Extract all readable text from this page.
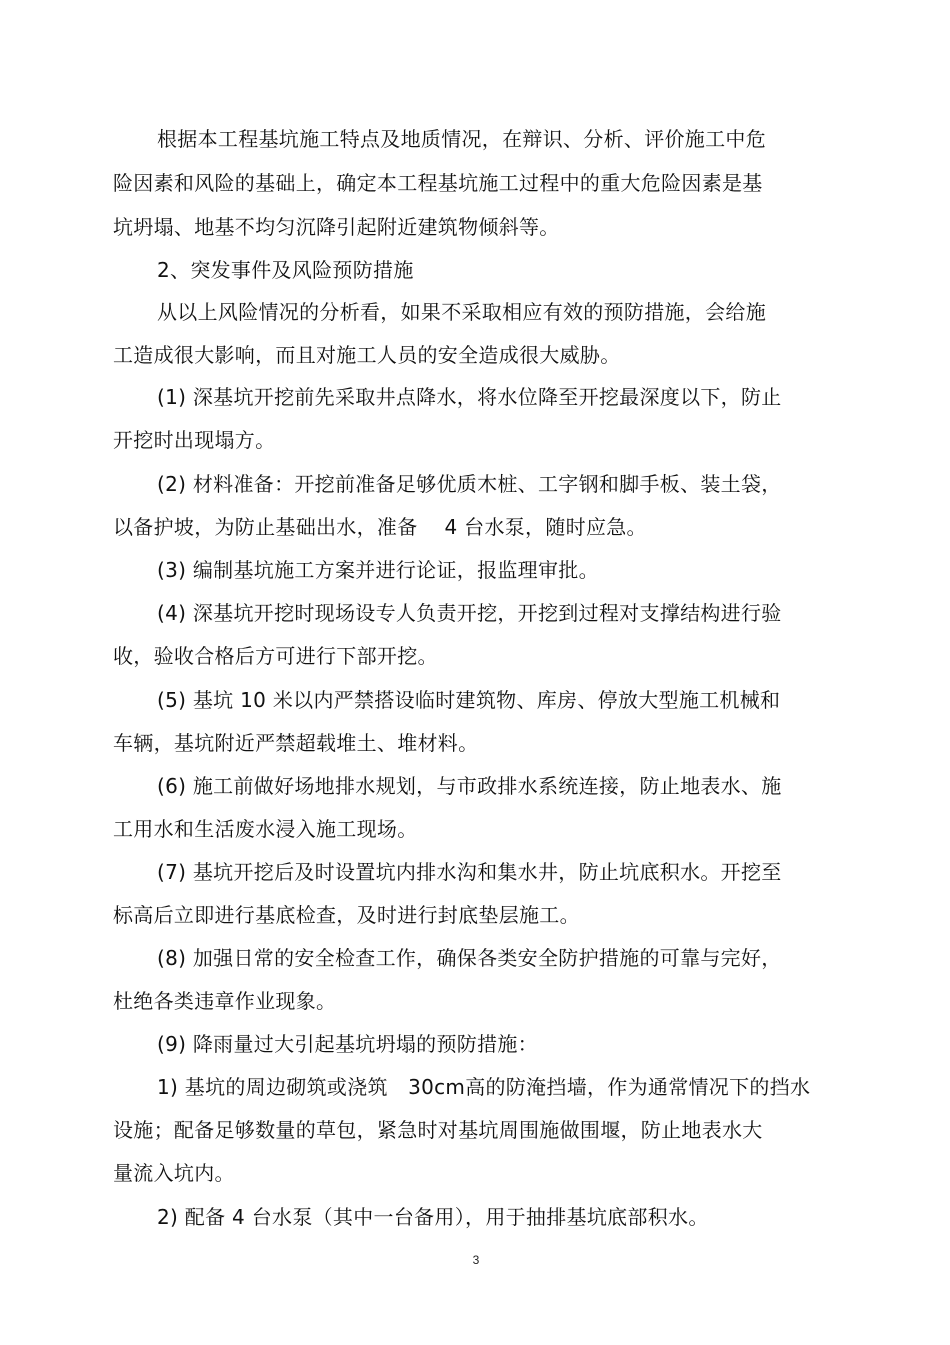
根据本工程基坑施工特点及地质情况，在辩识、分析、评价施工中危

险因素和风险的基础上，确定本工程基坑施工过程中的重大危险因素是基

坑坍塌、地基不均匀沉降引起附近建筑物倾斜等。

2、突发事件及风险预防措施

从以上风险情况的分析看，如果不采取相应有效的预防措施，会给施

工造成很大影响，而且对施工人员的安全造成很大威胁。

(1) 深基坑开挖前先采取井点降水，将水位降至开挖最深度以下，防止

开挖时出现塌方。

(2) 材料准备：开挖前准备足够优质木桩、工字钢和脚手板、装土袋，

以备护坡，为防止基础出水，准备　 4 台水泵，随时应急。

(3) 编制基坑施工方案并进行论证，报监理审批。

(4) 深基坑开挖时现场设专人负责开挖，开挖到过程对支撑结构进行验

收，验收合格后方可进行下部开挖。

(5) 基坑 10 米以内严禁搭设临时建筑物、库房、停放大型施工机械和

车辆，基坑附近严禁超载堆土、堆材料。

(6) 施工前做好场地排水规划，与市政排水系统连接，防止地表水、施

工用水和生活废水浸入施工现场。

(7) 基坑开挖后及时设置坑内排水沟和集水井，防止坑底积水。开挖至

标高后立即进行基底检查，及时进行封底垫层施工。

(8) 加强日常的安全检查工作，确保各类安全防护措施的可靠与完好，

杜绝各类违章作业现象。

(9) 降雨量过大引起基坑坍塌的预防措施：

1) 基坑的周边砌筑或浇筑　30cm高的防淹挡墙，作为通常情况下的挡水

设施；配备足够数量的草包，紧急时对基坑周围施做围堰，防止地表水大

量流入坑内。

2) 配备 4 台水泵（其中一台备用），用于抽排基坑底部积水。

3
